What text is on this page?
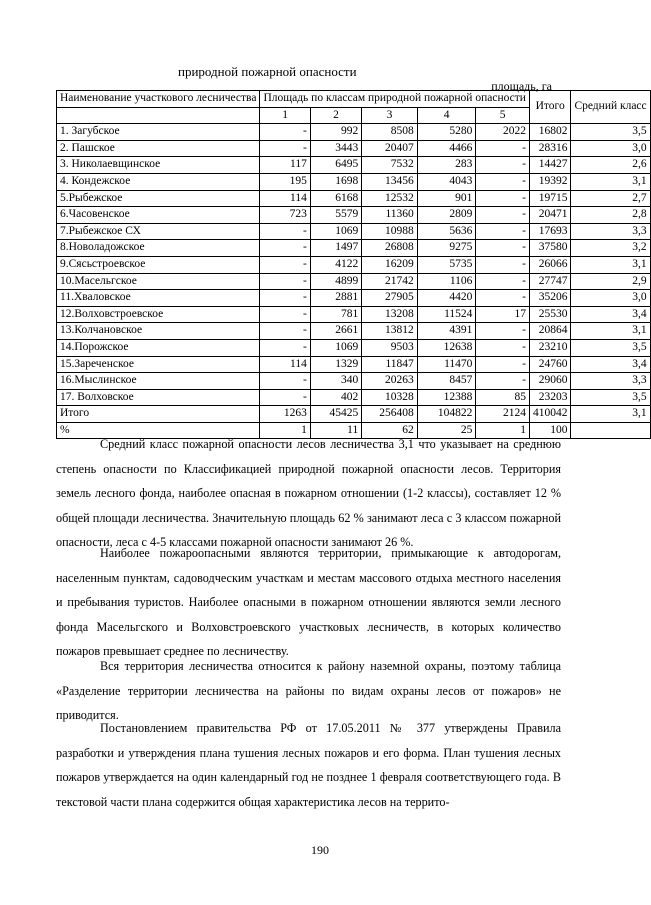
природной пожарной опасности
площадь, га
Наименование участкового лесничества	Площадь по классам природной пожарной опасности					Итого	Средний класс

	1	2	3	4	5		
1. Загубское	-	992	8508	5280	2022	16802	3,5
2. Пашское	-	3443	20407	4466	-	28316	3,0
3. Николаевщинское	117	6495	7532	283	-	14427	2,6
4. Кондежское	195	1698	13456	4043	-	19392	3,1
5.Рыбежское	114	6168	12532	901	-	19715	2,7
6.Часовенское	723	5579	11360	2809	-	20471	2,8
7.Рыбежское СХ	-	1069	10988	5636	-	17693	3,3
8.Новоладожское	-	1497	26808	9275	-	37580	3,2
9.Сясьстроевское	-	4122	16209	5735	-	26066	3,1
10.Масельгское	-	4899	21742	1106	-	27747	2,9
11.Хваловское	-	2881	27905	4420	-	35206	3,0
12.Волховстроевское	-	781	13208	11524	17	25530	3,4
13.Колчановское	-	2661	13812	4391	-	20864	3,1
14.Порожское	-	1069	9503	12638	-	23210	3,5
15.Зареченское	114	1329	11847	11470	-	24760	3,4
16.Мыслинское	-	340	20263	8457	-	29060	3,3
17. Волховское	-	402	10328	12388	85	23203	3,5
Итого	1263	45425	256408	104822	2124	410042	3,1
%	1	11	62	25	1	100	
Средний класс пожарной опасности лесов лесничества 3,1 что указывает на среднюю степень опасности по Классификацией природной пожарной опасности лесов. Территория земель лесного фонда, наиболее опасная в пожарном отношении (1-2 классы), составляет 12 % общей площади лесничества. Значительную площадь 62 % занимают леса с 3 классом пожарной опасности, леса с 4-5 классами пожарной опасности занимают 26 %.
Наиболее пожароопасными являются территории, примыкающие к автодорогам, населенным пунктам, садоводческим участкам и местам массового отдыха местного населения и пребывания туристов. Наиболее опасными в пожарном отношении являются земли лесного фонда Масельгского и Волховстроевского участковых лесничеств, в которых количество пожаров превышает среднее по лесничеству.
Вся территория лесничества относится к району наземной охраны, поэтому таблица «Разделение территории лесничества на районы по видам охраны лесов от пожаров» не приводится.
Постановлением правительства РФ от 17.05.2011 № 377 утверждены Правила разработки и утверждения плана тушения лесных пожаров и его форма. План тушения лесных пожаров утверждается на один календарный год не позднее 1 февраля соответствующего года. В текстовой части плана содержится общая характеристика лесов на террито-
190
